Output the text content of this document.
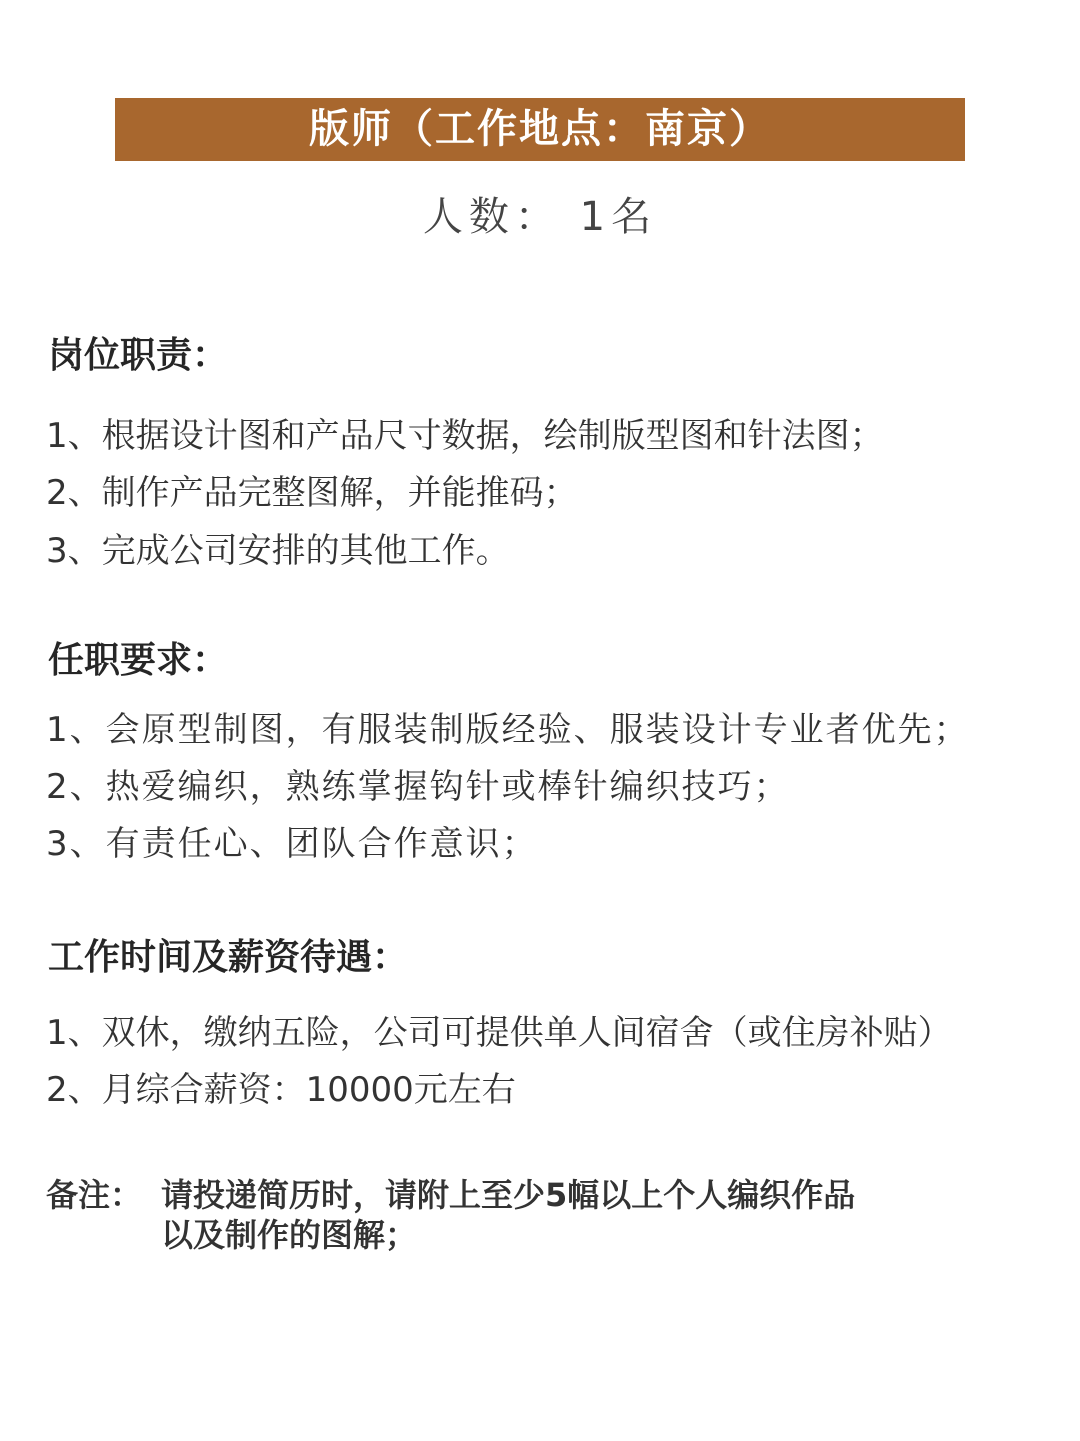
版师（工作地点：南京）
人数： 1名
岗位职责：
1、根据设计图和产品尺寸数据，绘制版型图和针法图；
2、制作产品完整图解，并能推码；
3、完成公司安排的其他工作。
任职要求：
1、会原型制图，有服装制版经验、服装设计专业者优先；
2、热爱编织，熟练掌握钩针或棒针编织技巧；
3、有责任心、团队合作意识；
工作时间及薪资待遇：
1、双休，缴纳五险，公司可提供单人间宿舍（或住房补贴）
2、月综合薪资：10000元左右
备注： 请投递简历时，请附上至少5幅以上个人编织作品
以及制作的图解；
